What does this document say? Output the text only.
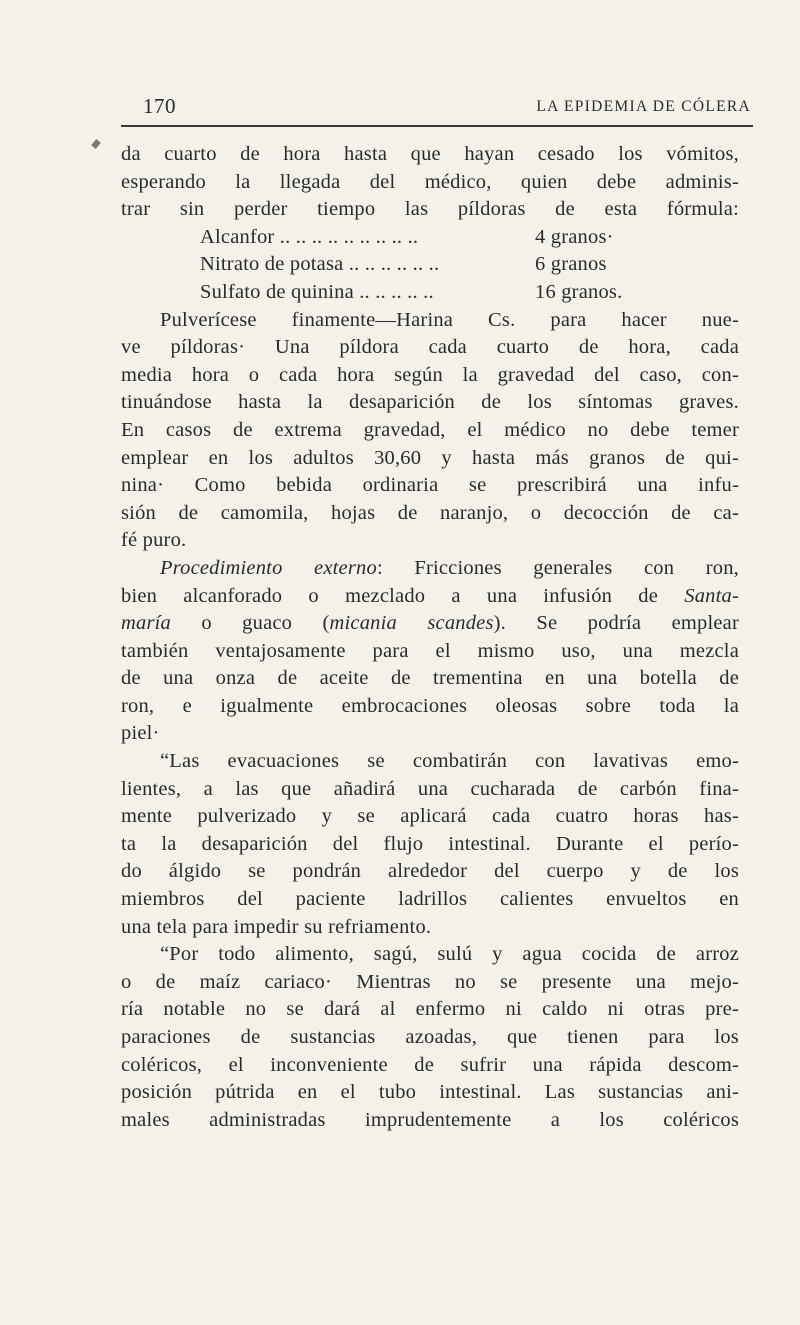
170	LA EPIDEMIA DE CÓLERA
da cuarto de hora hasta que hayan cesado los vómitos,
esperando la llegada del médico, quien debe adminis-
trar sin perder tiempo las píldoras de esta fórmula:
Alcanfor .. .. .. .. .. .. .. .. ..	4 granos·
Nitrato de potasa .. .. .. .. .. ..	6 granos
Sulfato de quinina .. .. .. .. ..	16 granos.
Pulverícese finamente—Harina Cs. para hacer nue-
ve píldoras· Una píldora cada cuarto de hora, cada
media hora o cada hora según la gravedad del caso, con-
tinuándose hasta la desaparición de los síntomas graves.
En casos de extrema gravedad, el médico no debe temer
emplear en los adultos 30,60 y hasta más granos de qui-
nina· Como bebida ordinaria se prescribirá una infu-
sión de camomila, hojas de naranjo, o decocción de ca-
fé puro.
Procedimiento externo: Fricciones generales con ron,
bien alcanforado o mezclado a una infusión de Santa-
maría o guaco (micania scandes). Se podría emplear
también ventajosamente para el mismo uso, una mezcla
de una onza de aceite de trementina en una botella de
ron, e igualmente embrocaciones oleosas sobre toda la
piel·
“Las evacuaciones se combatirán con lavativas emo-
lientes, a las que añadirá una cucharada de carbón fina-
mente pulverizado y se aplicará cada cuatro horas has-
ta la desaparición del flujo intestinal. Durante el perío-
do álgido se pondrán alrededor del cuerpo y de los
miembros del paciente ladrillos calientes envueltos en
una tela para impedir su refriamento.
“Por todo alimento, sagú, sulú y agua cocida de arroz
o de maíz cariaco· Mientras no se presente una mejo-
ría notable no se dará al enfermo ni caldo ni otras pre-
paraciones de sustancias azoadas, que tienen para los
coléricos, el inconveniente de sufrir una rápida descom-
posición pútrida en el tubo intestinal. Las sustancias ani-
males administradas imprudentemente a los coléricos
